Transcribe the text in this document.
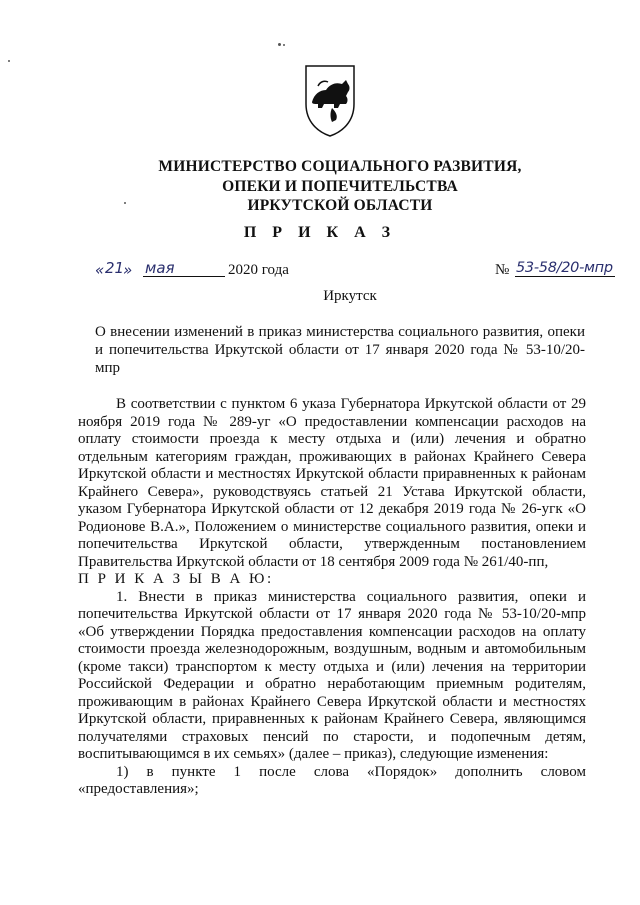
МИНИСТЕРСТВО СОЦИАЛЬНОГО РАЗВИТИЯ,
ОПЕКИ И ПОПЕЧИТЕЛЬСТВА
ИРКУТСКОЙ ОБЛАСТИ
П Р И К А З
« 21
» мая	2020 года	№ 53-58/20-мпр
Иркутск
О внесении изменений в приказ министерства социального развития, опеки и попечительства Иркутской области от 17 января 2020 года № 53-10/20-мпр

В соответствии с пунктом 6 указа Губернатора Иркутской области от 29 ноября 2019 года № 289-уг «О предоставлении компенсации расходов на оплату стоимости проезда к месту отдыха и (или) лечения и обратно отдельным категориям граждан, проживающих в районах Крайнего Севера Иркутской области и местностях Иркутской области приравненных к районам Крайнего Севера», руководствуясь статьей 21 Устава Иркутской области, указом Губернатора Иркутской области от 12 декабря 2019 года № 26-угк «О Родионове В.А.», Положением о министерстве социального развития, опеки и попечительства Иркутской области, утвержденным постановлением Правительства Иркутской области от 18 сентября 2009 года № 261/40-пп,

П Р И К А З Ы В А Ю:

1. Внести в приказ министерства социального развития, опеки и попечительства Иркутской области от 17 января 2020 года № 53-10/20-мпр «Об утверждении Порядка предоставления компенсации расходов на оплату стоимости проезда железнодорожным, воздушным, водным и автомобильным (кроме такси) транспортом к месту отдыха и (или) лечения на территории Российской Федерации и обратно неработающим приемным родителям, проживающим в районах Крайнего Севера Иркутской области и местностях Иркутской области, приравненных к районам Крайнего Севера, являющимся получателями страховых пенсий по старости, и подопечным детям, воспитывающимся в их семьях» (далее – приказ), следующие изменения:

1) в пункте 1 после слова «Порядок» дополнить словом «предоставления»;
